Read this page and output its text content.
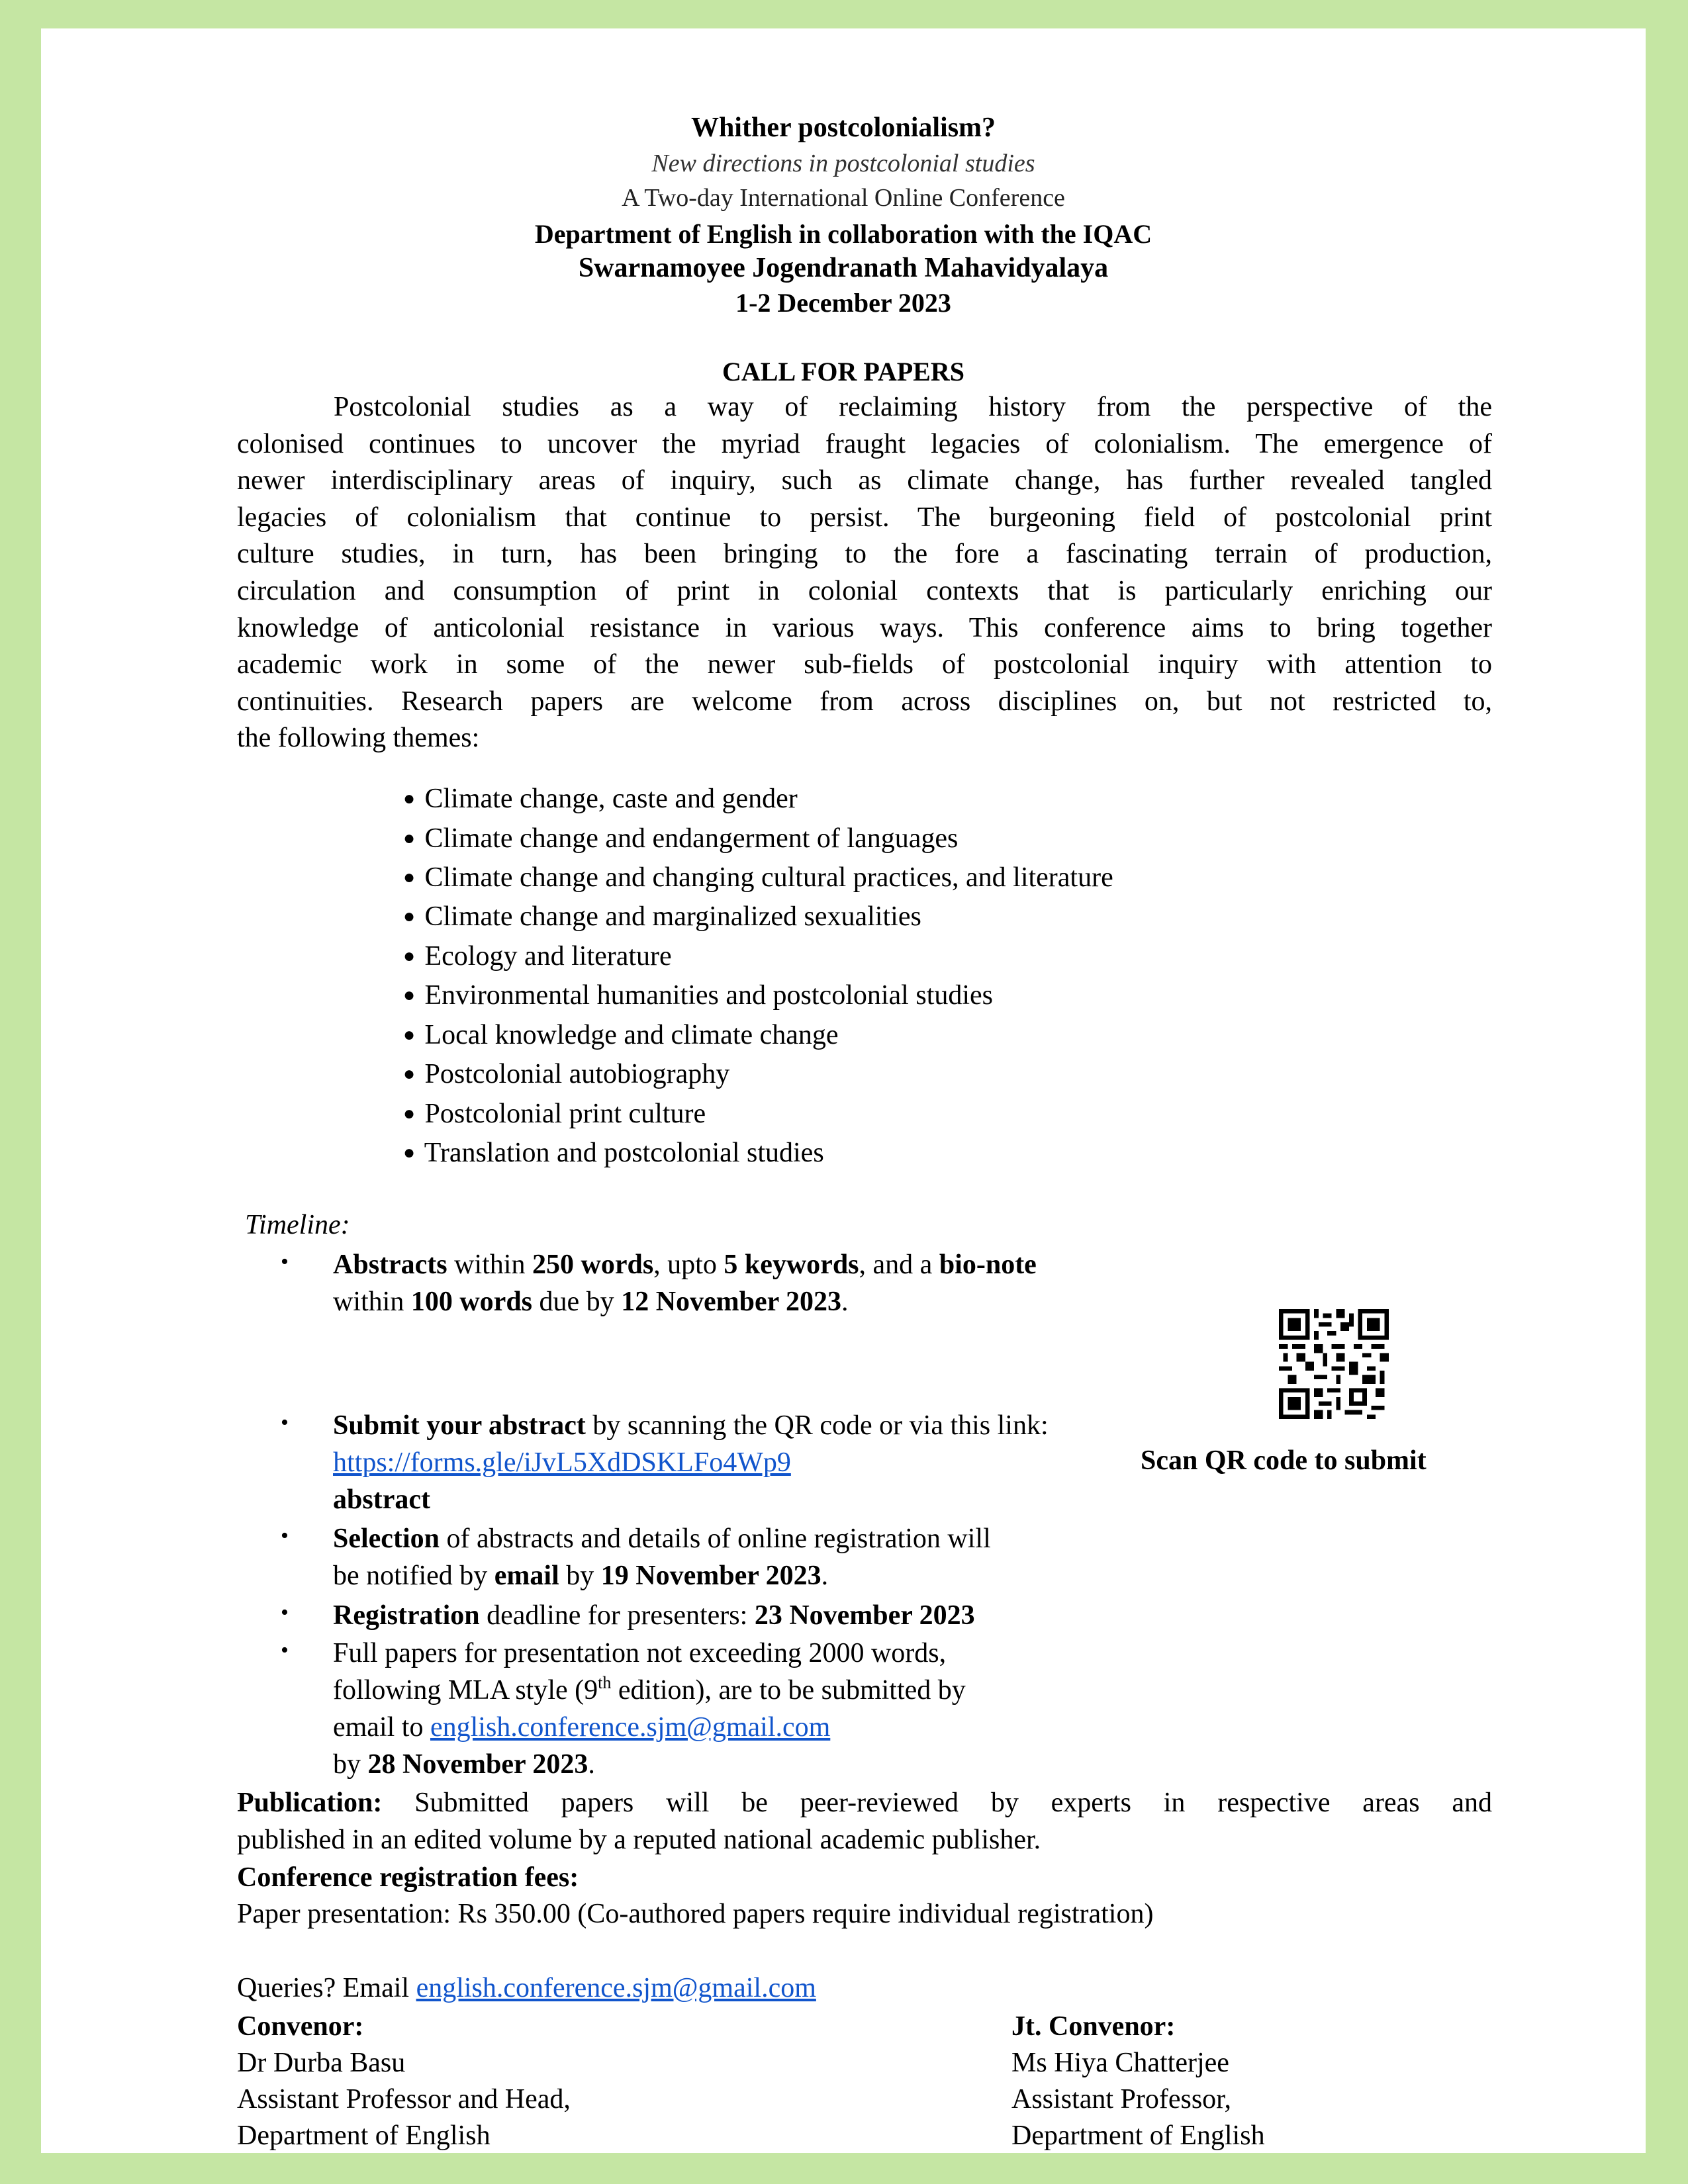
Whither postcolonialism?
New directions in postcolonial studies
A Two-day International Online Conference
Department of English in collaboration with the IQAC
Swarnamoyee Jogendranath Mahavidyalaya
1-2 December 2023
CALL FOR PAPERS
Postcolonial studies as a way of reclaiming history from the perspective of the
colonised continues to uncover the myriad fraught legacies of colonialism. The emergence of
newer interdisciplinary areas of inquiry, such as climate change, has further revealed tangled
legacies of colonialism that continue to persist. The burgeoning field of postcolonial print
culture studies, in turn, has been bringing to the fore a fascinating terrain of production,
circulation and consumption of print in colonial contexts that is particularly enriching our
knowledge of anticolonial resistance in various ways. This conference aims to bring together
academic work in some of the newer sub-fields of postcolonial inquiry with attention to
continuities. Research papers are welcome from across disciplines on, but not restricted to,
the following themes:
● Climate change, caste and gender
● Climate change and endangerment of languages
● Climate change and changing cultural practices, and literature
● Climate change and marginalized sexualities
● Ecology and literature
● Environmental humanities and postcolonial studies
● Local knowledge and climate change
● Postcolonial autobiography
● Postcolonial print culture
● Translation and postcolonial studies
Timeline:
• Abstracts within 250 words, upto 5 keywords, and a bio-note
within 100 words due by 12 November 2023.
• Submit your abstract by scanning the QR code or via this link:
https://forms.gle/iJvL5XdDSKLFo4Wp9
abstract
Scan QR code to submit
• Selection of abstracts and details of online registration will
be notified by email by 19 November 2023.
• Registration deadline for presenters: 23 November 2023
• Full papers for presentation not exceeding 2000 words,
following MLA style (9th edition), are to be submitted by
email to english.conference.sjm@gmail.com
by 28 November 2023.
Publication: Submitted papers will be peer-reviewed by experts in respective areas and
published in an edited volume by a reputed national academic publisher.
Conference registration fees:
Paper presentation: Rs 350.00 (Co-authored papers require individual registration)
Queries? Email english.conference.sjm@gmail.com
Convenor:
Dr Durba Basu
Assistant Professor and Head,
Department of English
Jt. Convenor:
Ms Hiya Chatterjee
Assistant Professor,
Department of English
